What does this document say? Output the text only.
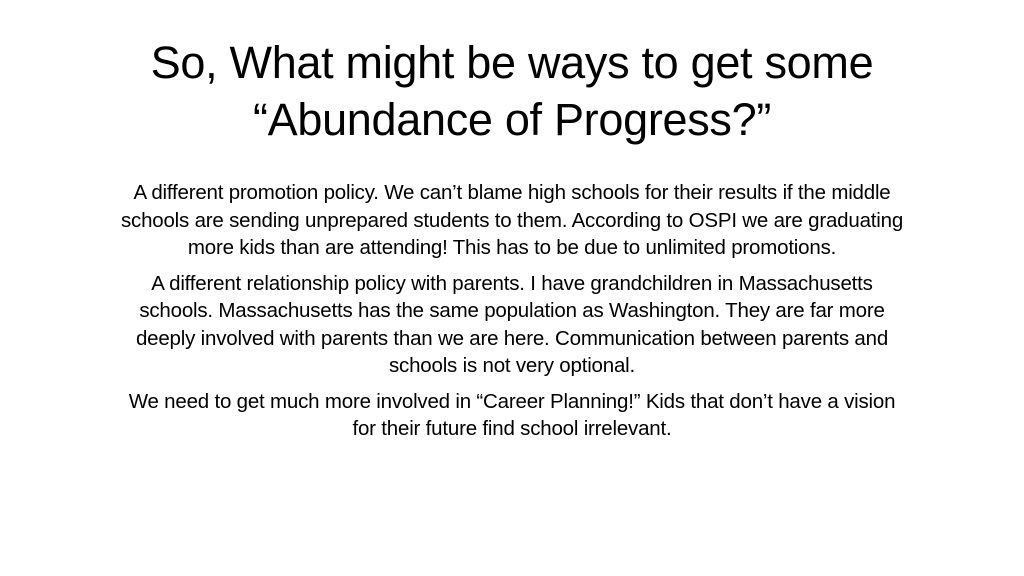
So, What might be ways to get some “Abundance of Progress?”

A different promotion policy. We can’t blame high schools for their results if the middle schools are sending unprepared students to them. According to OSPI we are graduating more kids than are attending! This has to be due to unlimited promotions.

A different relationship policy with parents. I have grandchildren in Massachusetts schools. Massachusetts has the same population as Washington. They are far more deeply involved with parents than we are here. Communication between parents and schools is not very optional.

We need to get much more involved in “Career Planning!” Kids that don’t have a vision for their future find school irrelevant.
